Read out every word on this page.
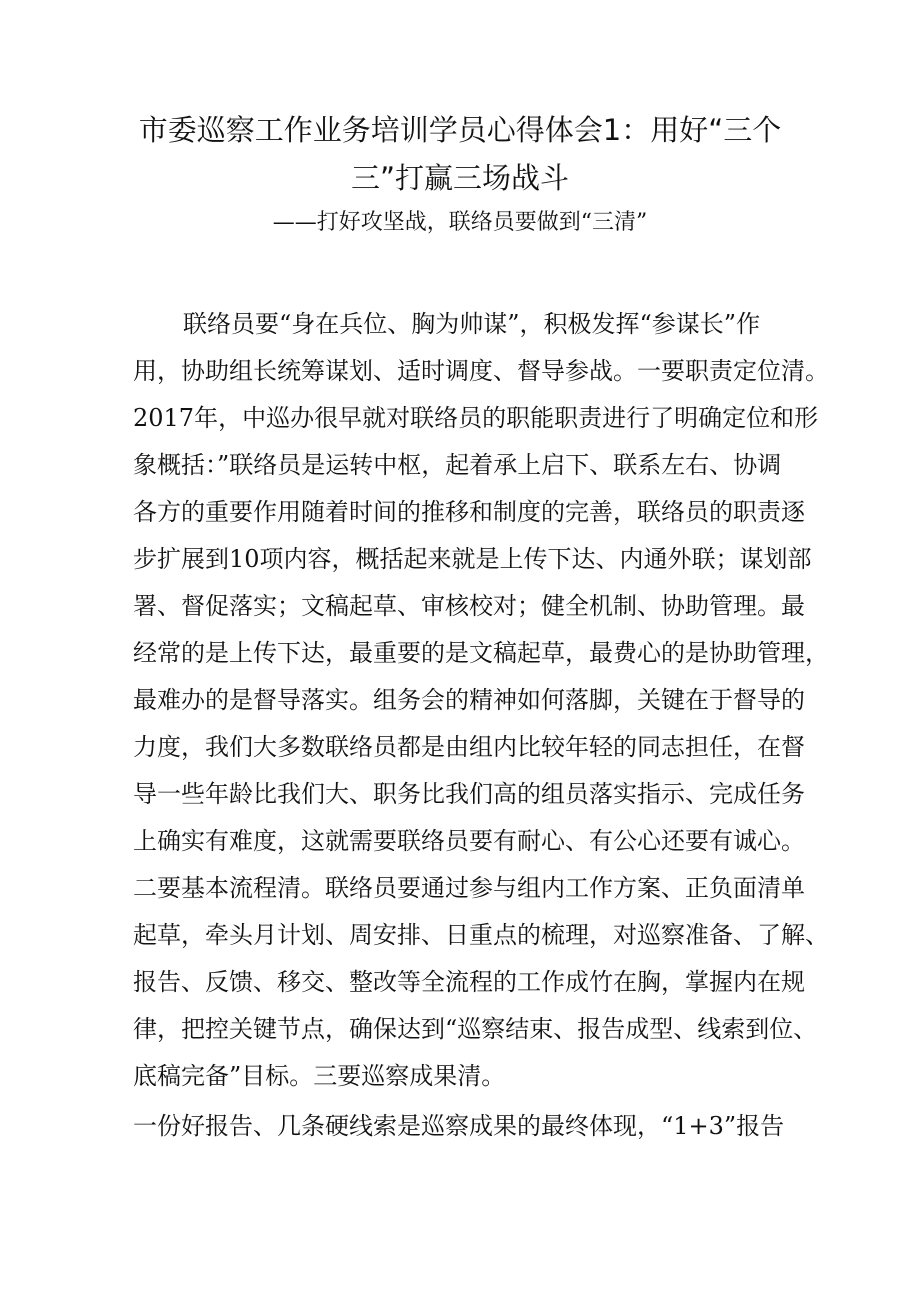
市委巡察工作业务培训学员心得体会1：用好“三个
三”打赢三场战斗
——打好攻坚战，联络员要做到“三清”
联络员要“身在兵位、胸为帅谋”，积极发挥“参谋长”作
用，协助组长统筹谋划、适时调度、督导参战。一要职责定位清。
2017年，中巡办很早就对联络员的职能职责进行了明确定位和形
象概括：”联络员是运转中枢，起着承上启下、联系左右、协调
各方的重要作用随着时间的推移和制度的完善，联络员的职责逐
步扩展到10项内容，概括起来就是上传下达、内通外联；谋划部
署、督促落实；文稿起草、审核校对；健全机制、协助管理。最
经常的是上传下达，最重要的是文稿起草，最费心的是协助管理，
最难办的是督导落实。组务会的精神如何落脚，关键在于督导的
力度，我们大多数联络员都是由组内比较年轻的同志担任，在督
导一些年龄比我们大、职务比我们高的组员落实指示、完成任务
上确实有难度，这就需要联络员要有耐心、有公心还要有诚心。
二要基本流程清。联络员要通过参与组内工作方案、正负面清单
起草，牵头月计划、周安排、日重点的梳理，对巡察准备、了解、
报告、反馈、移交、整改等全流程的工作成竹在胸，掌握内在规
律，把控关键节点，确保达到“巡察结束、报告成型、线索到位、
底稿完备”目标。三要巡察成果清。
一份好报告、几条硬线索是巡察成果的最终体现，“1+3”报告
